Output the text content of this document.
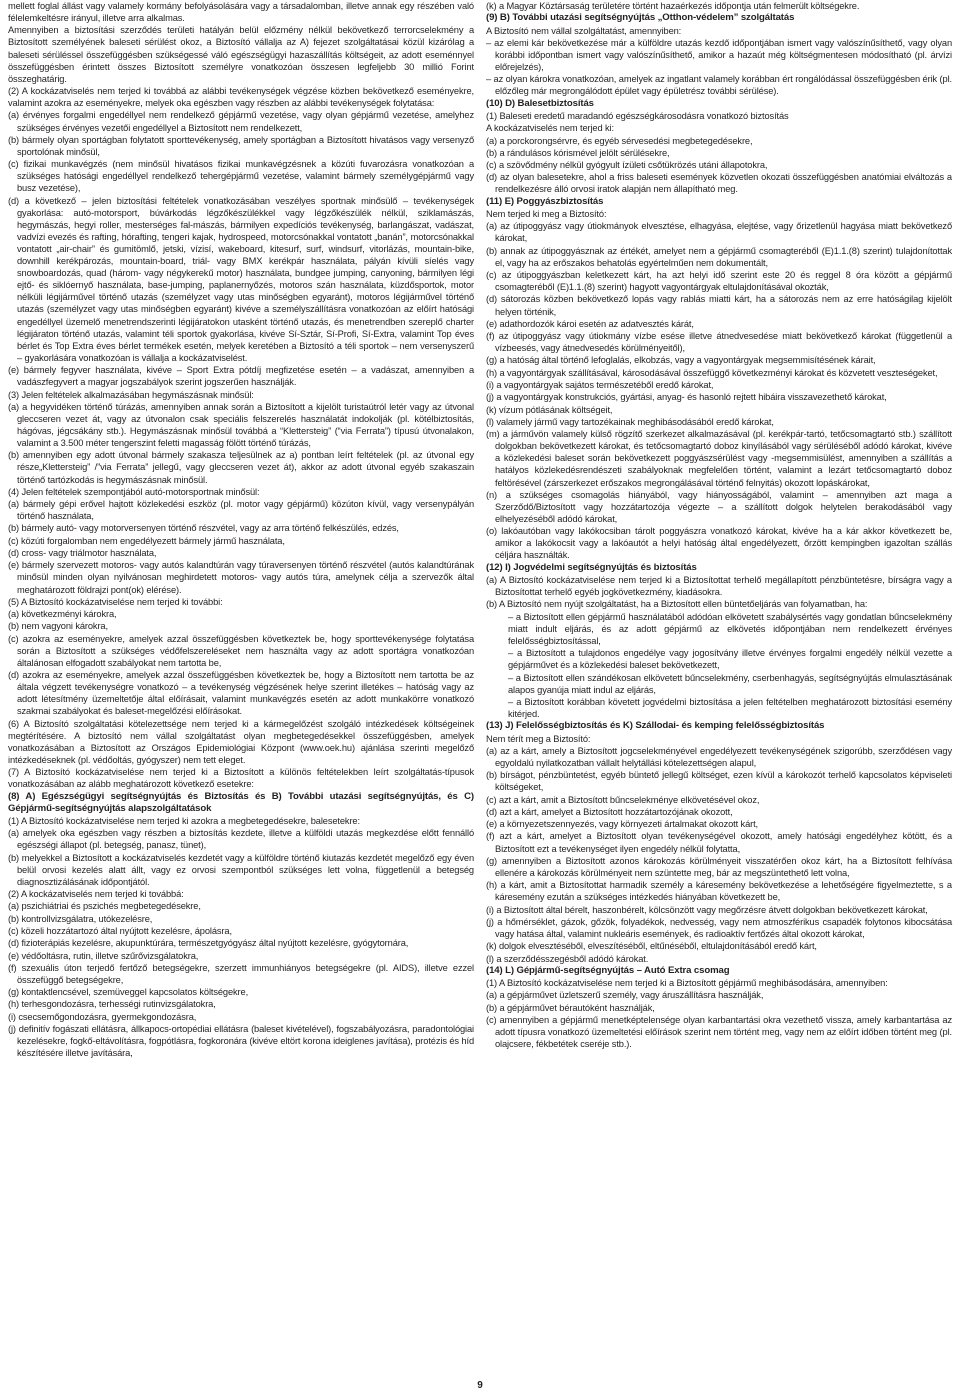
mellett foglal állást vagy valamely kormány befolyásolására vagy a társadalomban, illetve annak egy részében való félelemkeltésre irányul, illetve arra alkalmas.

Amennyiben a biztosítási szerződés területi hatályán belül előzmény nélkül bekövetkező terrorcselekmény a Biztosított személyének baleseti sérülést okoz, a Biztosító vállalja az A) fejezet szolgáltatásai közül kizárólag a baleseti sérüléssel összefüggésben szükségessé váló egészségügyi hazaszállítás költségeit, az adott eseménnyel összefüggésben érintett összes Biztosított személyre vonatkozóan összesen legfeljebb 30 millió Forint összeghatárig.

(2) A kockázatviselés nem terjed ki továbbá az alábbi tevékenységek végzése közben bekövetkező eseményekre, valamint azokra az eseményekre, melyek oka egészben vagy részben az alábbi tevékenységek folytatása:

(a) érvényes forgalmi engedéllyel nem rendelkező gépjármű vezetése, vagy olyan gépjármű vezetése, amelyhez szükséges érvényes vezetői engedéllyel a Biztosított nem rendelkezett,

(b) bármely olyan sportágban folytatott sporttevékenység, amely sportágban a Biztosított hivatásos vagy versenyző sportolónak minősül,

(c) fizikai munkavégzés (nem minősül hivatásos fizikai munkavégzésnek a közúti fuvarozásra vonatkozóan a szükséges hatósági engedéllyel rendelkező tehergépjármű vezetése, valamint bármely személygépjármű vagy busz vezetése),

(d) a következő – jelen biztosítási feltételek vonatkozásában veszélyes sportnak minősülő – tevékenységek gyakorlása: autó-motorsport, búvárkodás légzőkészülékkel vagy légzőkészülék nélkül, sziklamászás, hegymászás, hegyi roller, mesterséges fal-mászás, bármilyen expedíciós tevékenység, barlangászat, vadászat, vadvízi evezés és rafting, hórafting, tengeri kajak, hydrospeed, motorcsónakkal vontatott „banán”, motorcsónakkal vontatott „air-chair” és gumitömlő, jetski, vízisí, wakeboard, kitesurf, surf, windsurf, vitorlázás, mountain-bike, downhill kerékpározás, mountain-board, triál- vagy BMX kerékpár használata, pályán kívüli síelés vagy snowboardozás, quad (három- vagy négykerekű motor) használata, bundgee jumping, canyoning, bármilyen légi ejtő- és siklóernyő használata, base-jumping, paplanernyőzés, motoros szán használata, küzdősportok, motor nélküli légijárművel történő utazás (személyzet vagy utas minőségben egyaránt), motoros légijárművel történő utazás (személyzet vagy utas minőségben egyaránt) kivéve a személyszállításra vonatkozóan az előírt hatósági engedéllyel üzemelő menetrendszerinti légijáratokon utasként történő utazás, és menetrendben szereplő charter légijáraton történő utazás, valamint téli sportok gyakorlása, kivéve Sí-Sztár, Sí-Profi, Sí-Extra, valamint Top éves bérlet és Top Extra éves bérlet termékek esetén, melyek keretében a Biztosító a téli sportok – nem versenyszerű – gyakorlására vonatkozóan is vállalja a kockázatviselést.

(e) bármely fegyver használata, kivéve – Sport Extra pótdíj megfizetése esetén – a vadászat, amennyiben a vadászfegyvert a magyar jogszabályok szerint jogszerűen használják.

(3) Jelen feltételek alkalmazásában hegymászásnak minősül:

(a) a hegyvidéken történő túrázás, amennyiben annak során a Biztosított a kijelölt turistaútról letér vagy az útvonal gleccseren vezet át, vagy az útvonalon csak speciális felszerelés használatát indokolják (pl. kötélbiztosítás, hágóvas, jégcsákány stb.). Hegymászásnak minősül továbbá a “Klettersteig” (“via Ferrata”) típusú útvonalakon, valamint a 3.500 méter tengerszint feletti magasság fölött történő túrázás,

(b) amennyiben egy adott útvonal bármely szakasza teljesülnek az a) pontban leírt feltételek (pl. az útvonal egy része„Klettersteig” /”via Ferrata” jellegű, vagy gleccseren vezet át), akkor az adott útvonal egyéb szakaszain történő tartózkodás is hegymászásnak minősül.

(4) Jelen feltételek szempontjából autó-motorsportnak minősül:

(a) bármely gépi erővel hajtott közlekedési eszköz (pl. motor vagy gépjármű) közúton kívül, vagy versenypályán történő használata,

(b) bármely autó- vagy motorversenyen történő részvétel, vagy az arra történő felkészülés, edzés,

(c) közúti forgalomban nem engedélyezett bármely jármű használata,

(d) cross- vagy triálmotor használata,

(e) bármely szervezett motoros- vagy autós kalandtúrán vagy túraversenyen történő részvétel (autós kalandtúrának minősül minden olyan nyilvánosan meghirdetett motoros- vagy autós túra, amelynek célja a szervezők által meghatározott földrajzi pont(ok) elérése).

(5) A Biztosító kockázatviselése nem terjed ki további:

(a) következményi károkra,

(b) nem vagyoni károkra,

(c) azokra az eseményekre, amelyek azzal összefüggésben következtek be, hogy sporttevékenysége folytatása során a Biztosított a szükséges védőfelszereléseket nem használta vagy az adott sportágra vonatkozóan általánosan elfogadott szabályokat nem tartotta be,

(d) azokra az eseményekre, amelyek azzal összefüggésben következtek be, hogy a Biztosított nem tartotta be az általa végzett tevékenységre vonatkozó – a tevékenység végzésének helye szerint illetékes – hatóság vagy az adott létesítmény üzemeltetője által előírásait, valamint munkavégzés esetén az adott munkakörre vonatkozó szakmai szabályokat és baleset-megelőzési előírásokat.

(6) A Biztosító szolgáltatási kötelezettsége nem terjed ki a kármegelőzést szolgáló intézkedések költségeinek megtérítésére. A biztosító nem vállal szolgáltatást olyan megbetegedésekkel összefüggésben, amelyek vonatkozásában a Biztosított az Országos Epidemiológiai Központ (www.oek.hu) ajánlása szerinti megelőző intézkedéseknek (pl. védőoltás, gyógyszer) nem tett eleget.

(7) A Biztosító kockázatviselése nem terjed ki a Biztosított a különös feltételekben leírt szolgáltatás-típusok vonatkozásában az alább meghatározott következő esetekre:

(8) A) Egészségügyi segítségnyújtás és Biztosítás és B) További utazási segítségnyújtás, és C) Gépjármű-segítségnyújtás alapszolgáltatások

(1) A Biztosító kockázatviselése nem terjed ki azokra a megbetegedésekre, balesetekre:

(a) amelyek oka egészben vagy részben a biztosítás kezdete, illetve a külföldi utazás megkezdése előtt fennálló egészségi állapot (pl. betegség, panasz, tünet),

(b) melyekkel a Biztosított a kockázatviselés kezdetét vagy a külföldre történő kiutazás kezdetét megelőző egy éven belül orvosi kezelés alatt állt, vagy ez orvosi szempontból szükséges lett volna, függetlenül a betegség diagnosztizálásának időpontjától.

(2) A kockázatviselés nem terjed ki továbbá:

(a) pszichiátriai és pszichés megbetegedésekre,

(b) kontrollvizsgálatra, utókezelésre,

(c) közeli hozzátartozó által nyújtott kezelésre, ápolásra,

(d) fizioterápiás kezelésre, akupunktúrára, természetgyógyász által nyújtott kezelésre, gyógytornára,

(e) védőoltásra, rutin, illetve szűrővizsgálatokra,

(f) szexuális úton terjedő fertőző betegségekre, szerzett immunhiányos betegségekre (pl. AIDS), illetve ezzel összefüggő betegségekre,

(g) kontaktlencsével, szemüveggel kapcsolatos költségekre,

(h) terhesgondozásra, terhességi rutinvizsgálatokra,

(i) csecsemőgondozásra, gyermekgondozásra,

(j) definitív fogászati ellátásra, állkapocs-ortopédiai ellátásra (baleset kivételével), fogszabályozásra, paradontológiai kezelésekre, fogkő-eltávolításra, fogpótlásra, fogkoronára (kivéve eltört korona ideiglenes javítása), protézis és híd készítésére illetve javítására,

(k) a Magyar Köztársaság területére történt hazaérkezés időpontja után felmerült költségekre.

(9) B) További utazási segítségnyújtás „Otthon-védelem” szolgáltatás

A Biztosító nem vállal szolgáltatást, amennyiben:

– az elemi kár bekövetkezése már a külföldre utazás kezdő időpontjában ismert vagy valószínűsíthető, vagy olyan korábbi időpontban ismert vagy valószínűsíthető, amikor a hazaút még költségmentesen módosítható (pl. árvízi előrejelzés),

– az olyan károkra vonatkozóan, amelyek az ingatlant valamely korábban ért rongálódással összefüggésben érik (pl. előzőleg már megrongálódott épület vagy épületrész további sérülése).

(10) D) Balesetbiztosítás

(1) Baleseti eredetű maradandó egészségkárosodásra vonatkozó biztosítás

A kockázatviselés nem terjed ki:

(a) a porckorongsérvre, és egyéb sérvesedési megbetegedésekre,

(b) a rándulásos kórismével jelölt sérülésekre,

(c) a szövődmény nélkül gyógyult ízületi csőtükrözés utáni állapotokra,

(d) az olyan balesetekre, ahol a friss baleseti események közvetlen okozati összefüggésben anatómiai elváltozás a rendelkezésre álló orvosi iratok alapján nem állapítható meg.

(11) E) Poggyászbiztosítás

Nem terjed ki meg a Biztosító:

(a) az útipoggyász vagy útiokmányok elvesztése, elhagyása, elejtése, vagy őrizetlenül hagyása miatt bekövetkező károkat,

(b) annak az útipoggyásznak az értékét, amelyet nem a gépjármű csomagteréből (E)1.1.(8) szerint) tulajdonítottak el, vagy ha az erőszakos behatolás egyértelműen nem dokumentált,

(c) az útipoggyászban keletkezett kárt, ha azt helyi idő szerint este 20 és reggel 8 óra között a gépjármű csomagteréből (E)1.1.(8) szerint) hagyott vagyontárgyak eltulajdonításával okozták,

(d) sátorozás közben bekövetkező lopás vagy rablás miatti kárt, ha a sátorozás nem az erre hatóságilag kijelölt helyen történik,

(e) adathordozók károi esetén az adatvesztés kárát,

(f) az útipoggyász vagy útiokmány vízbe esése illetve átnedvesedése miatt bekövetkező károkat (függetlenül a vízbeesés, vagy átnedvesedés körülményeitől),

(g) a hatóság által történő lefoglalás, elkobzás, vagy a vagyontárgyak megsemmisítésének kárait,

(h) a vagyontárgyak szállításával, károsodásával összefüggő következményi károkat és közvetett veszteségeket,

(i) a vagyontárgyak sajátos természetéből eredő károkat,

(j) a vagyontárgyak konstrukciós, gyártási, anyag- és hasonló rejtett hibáira visszavezethető károkat,

(k) vízum pótlásának költségeit,

(l) valamely jármű vagy tartozékainak meghibásodásából eredő károkat,

(m) a járművön valamely külső rögzítő szerkezet alkalmazásával (pl. kerékpár-tartó, tetőcsomagtartó stb.) szállított dolgokban bekövetkezett károkat, és tetőcsomagtartó doboz kinyílásából vagy sérüléséből adódó károkat, kivéve a közlekedési baleset során bekövetkezett poggyászsérülést vagy -megsemmisülést, amennyiben a szállítás a hatályos közlekedésrendészeti szabályoknak megfelelően történt, valamint a lezárt tetőcsomagtartó doboz feltörésével (zárszerkezet erőszakos megrongálásával történő felnyitás) okozott lopáskárokat,

(n) a szükséges csomagolás hiányából, vagy hiányosságából, valamint – amennyiben azt maga a Szerződő/Biztosított vagy hozzátartozója végezte – a szállított dolgok helytelen berakodásából vagy elhelyezéséből adódó károkat,

(o) lakóautóban vagy lakókocsiban tárolt poggyászra vonatkozó károkat, kivéve ha a kár akkor következett be, amikor a lakókocsit vagy a lakóautót a helyi hatóság által engedélyezett, őrzött kempingben igazoltan szállás céljára használták.

(12) I) Jogvédelmi segítségnyújtás és biztosítás

(a) A Biztosító kockázatviselése nem terjed ki a Biztosítottat terhelő megállapított pénzbüntetésre, bírságra vagy a Biztosítottat terhelő egyéb jogkövetkezmény, kiadásokra.

(b) A Biztosító nem nyújt szolgáltatást, ha a Biztosított ellen büntetőeljárás van folyamatban, ha:

– a Biztosított ellen gépjármű használatából adódóan elkövetett szabálysértés vagy gondatlan bűncselekmény miatt indult eljárás, és az adott gépjármű az elkövetés időpontjában nem rendelkezett érvényes felelősségbiztosítással,

– a Biztosított a tulajdonos engedélye vagy jogosítvány illetve érvényes forgalmi engedély nélkül vezette a gépjárművet és a közlekedési baleset bekövetkezett,

– a Biztosított ellen szándékosan elkövetett bűncselekmény, cserbenhagyás, segítségnyújtás elmulasztásának alapos gyanúja miatt indul az eljárás,

– a Biztosított korábban követett jogvédelmi biztosítása a jelen feltételben meghatározott biztosítási esemény kitérjed.

(13) J) Felelősségbiztosítás és K) Szállodai- és kemping felelősségbiztosítás

Nem térít meg a Biztosító:

(a) az a kárt, amely a Biztosított jogcselekményével engedélyezett tevékenységének szigorúbb, szerződésen vagy egyoldalú nyilatkozatban vállalt helytállási kötelezettségen alapul,

(b) bírságot, pénzbüntetést, egyéb büntető jellegű költséget, ezen kívül a károkozót terhelő kapcsolatos képviseleti költségeket,

(c) azt a kárt, amit a Biztosított bűncselekménye elkövetésével okoz,

(d) azt a kárt, amelyet a Biztosított hozzátartozójának okozott,

(e) a környezetszennyezés, vagy környezeti ártalmakat okozott kárt,

(f) azt a kárt, amelyet a Biztosított olyan tevékenységével okozott, amely hatósági engedélyhez kötött, és a Biztosított ezt a tevékenységet ilyen engedély nélkül folytatta,

(g) amennyiben a Biztosított azonos károkozás körülményeit visszatérően okoz kárt, ha a Biztosított felhívása ellenére a károkozás körülményeit nem szüntette meg, bár az megszüntethető lett volna,

(h) a kárt, amit a Biztosítottat harmadik személy a káresemény bekövetkezése a lehetőségére figyelmeztette, s a káresemény ezután a szükséges intézkedés hiányában következett be,

(i) a Biztosított által bérelt, haszonbérelt, kölcsönzött vagy megőrzésre átvett dolgokban bekövetkezett károkat,

(j) a hőmérséklet, gázok, gőzök, folyadékok, nedvesség, vagy nem atmoszférikus csapadék folytonos kibocsátása vagy hatása által, valamint nukleáris események, és radioaktív fertőzés által okozott károkat,

(k) dolgok elvesztéséből, elveszítéséből, eltűnéséből, eltulajdonításából eredő kárt,

(l) a szerződésszegésből adódó károkat.

(14) L) Gépjármű-segítségnyújtás – Autó Extra csomag

(1) A Biztosító kockázatviselése nem terjed ki a Biztosított gépjármű meghibásodására, amennyiben:

(a) a gépjárművet üzletszerű személy, vagy áruszállításra használják,

(b) a gépjárművet bérautóként használják,

(c) amennyiben a gépjármű menetképtelensége olyan karbantartási okra vezethető vissza, amely karbantartása az adott típusra vonatkozó üzemeltetési előírások szerint nem történt meg, vagy nem az előírt időben történt meg (pl. olajcsere, fékbetétek cseréje stb.).

9
